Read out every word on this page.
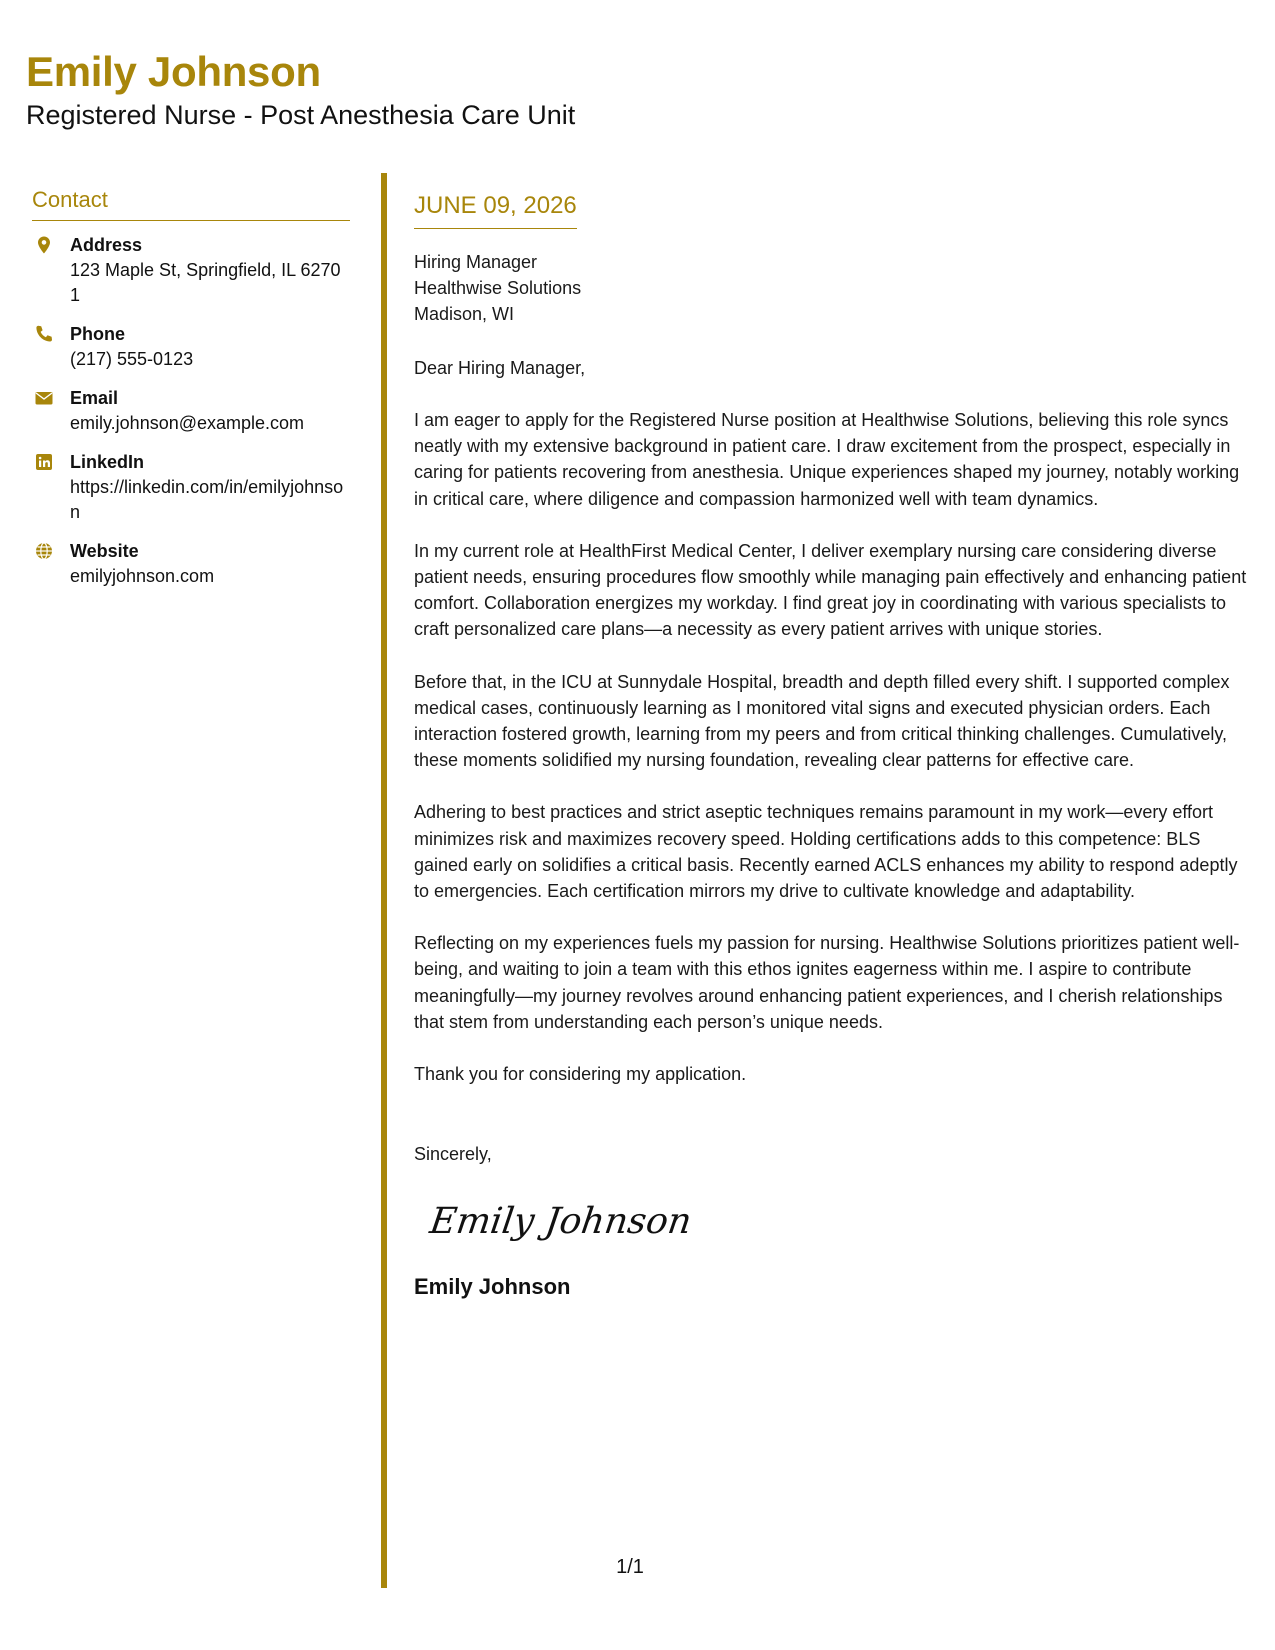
Emily Johnson
Registered Nurse - Post Anesthesia Care Unit
Contact
Address
123 Maple St, Springfield, IL 62701
Phone
(217) 555-0123
Email
emily.johnson@example.com
LinkedIn
https://linkedin.com/in/emilyjohnson
Website
emilyjohnson.com
JUNE 09, 2026
Hiring Manager
Healthwise Solutions
Madison, WI
Dear Hiring Manager,
I am eager to apply for the Registered Nurse position at Healthwise Solutions, believing this role syncs neatly with my extensive background in patient care. I draw excitement from the prospect, especially in caring for patients recovering from anesthesia. Unique experiences shaped my journey, notably working in critical care, where diligence and compassion harmonized well with team dynamics.
In my current role at HealthFirst Medical Center, I deliver exemplary nursing care considering diverse patient needs, ensuring procedures flow smoothly while managing pain effectively and enhancing patient comfort. Collaboration energizes my workday. I find great joy in coordinating with various specialists to craft personalized care plans—a necessity as every patient arrives with unique stories.
Before that, in the ICU at Sunnydale Hospital, breadth and depth filled every shift. I supported complex medical cases, continuously learning as I monitored vital signs and executed physician orders. Each interaction fostered growth, learning from my peers and from critical thinking challenges. Cumulatively, these moments solidified my nursing foundation, revealing clear patterns for effective care.
Adhering to best practices and strict aseptic techniques remains paramount in my work—every effort minimizes risk and maximizes recovery speed. Holding certifications adds to this competence: BLS gained early on solidifies a critical basis. Recently earned ACLS enhances my ability to respond adeptly to emergencies. Each certification mirrors my drive to cultivate knowledge and adaptability.
Reflecting on my experiences fuels my passion for nursing. Healthwise Solutions prioritizes patient well-being, and waiting to join a team with this ethos ignites eagerness within me. I aspire to contribute meaningfully—my journey revolves around enhancing patient experiences, and I cherish relationships that stem from understanding each person’s unique needs.
Thank you for considering my application.
Sincerely,
Emily Johnson
Emily Johnson
1/1
